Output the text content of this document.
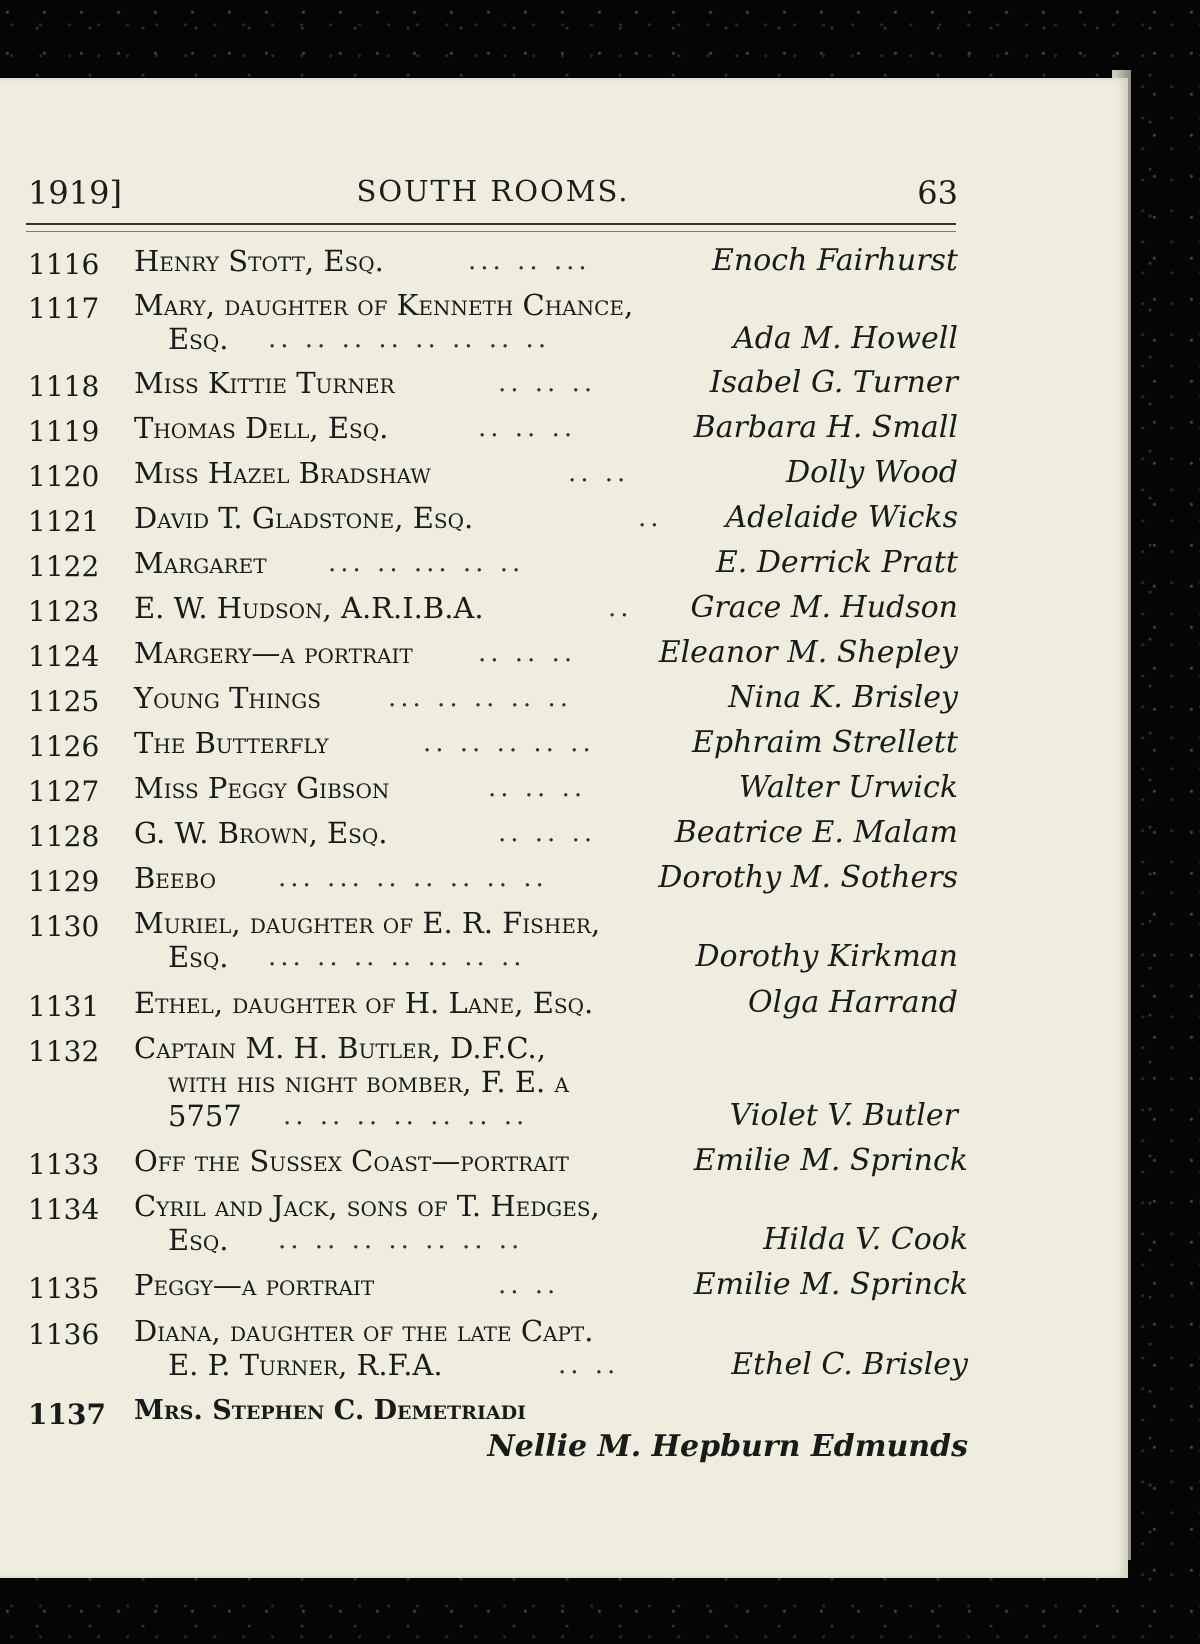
1919]	SOUTH ROOMS.	63
1116	Henry Stott, Esq.	... .. ...	Enoch Fairhurst
1117	Mary, daughter of Kenneth Chance,
Esq. .. .. .. .. .. .. .. ..	Ada M. Howell
1118	Miss Kittie Turner	.. .. ..	Isabel G. Turner
1119	Thomas Dell, Esq.	.. .. ..	Barbara H. Small
1120	Miss Hazel Bradshaw	.. ..	Dolly Wood
1121	David T. Gladstone, Esq.	.. Adelaide Wicks
1122	Margaret ... .. ... .. ..	E. Derrick Pratt
1123	E. W. Hudson, A.R.I.B.A.	.. Grace M. Hudson
1124	Margery—a portrait	.. .. ..	Eleanor M. Shepley
1125	Young Things	... .. .. .. ..	Nina K. Brisley
1126	The Butterfly	.. .. .. .. ..	Ephraim Strellett
1127	Miss Peggy Gibson	.. .. ..	Walter Urwick
1128	G. W. Brown, Esq.	.. .. ..	Beatrice E. Malam
1129	Beebo ... ... .. .. .. .. ..	Dorothy M. Sothers
1130	Muriel, daughter of E. R. Fisher,
Esq. ... .. .. .. .. .. ..	Dorothy Kirkman
1131	Ethel, daughter of H. Lane, Esq.	Olga Harrand
1132	Captain M. H. Butler, D.F.C.,
with his night bomber, F. E. a
5757 .. .. .. .. .. .. ..	Violet V. Butler
1133	Off the Sussex Coast—portrait	Emilie M. Sprinck
1134	Cyril and Jack, sons of T. Hedges,
Esq. .. .. .. .. .. .. ..	Hilda V. Cook
1135	Peggy—a portrait	.. ..	Emilie M. Sprinck
1136	Diana, daughter of the late Capt.
E. P. Turner, R.F.A.	.. ..	Ethel C. Brisley
1137	Mrs. Stephen C. Demetriadi
Nellie M. Hepburn Edmunds
